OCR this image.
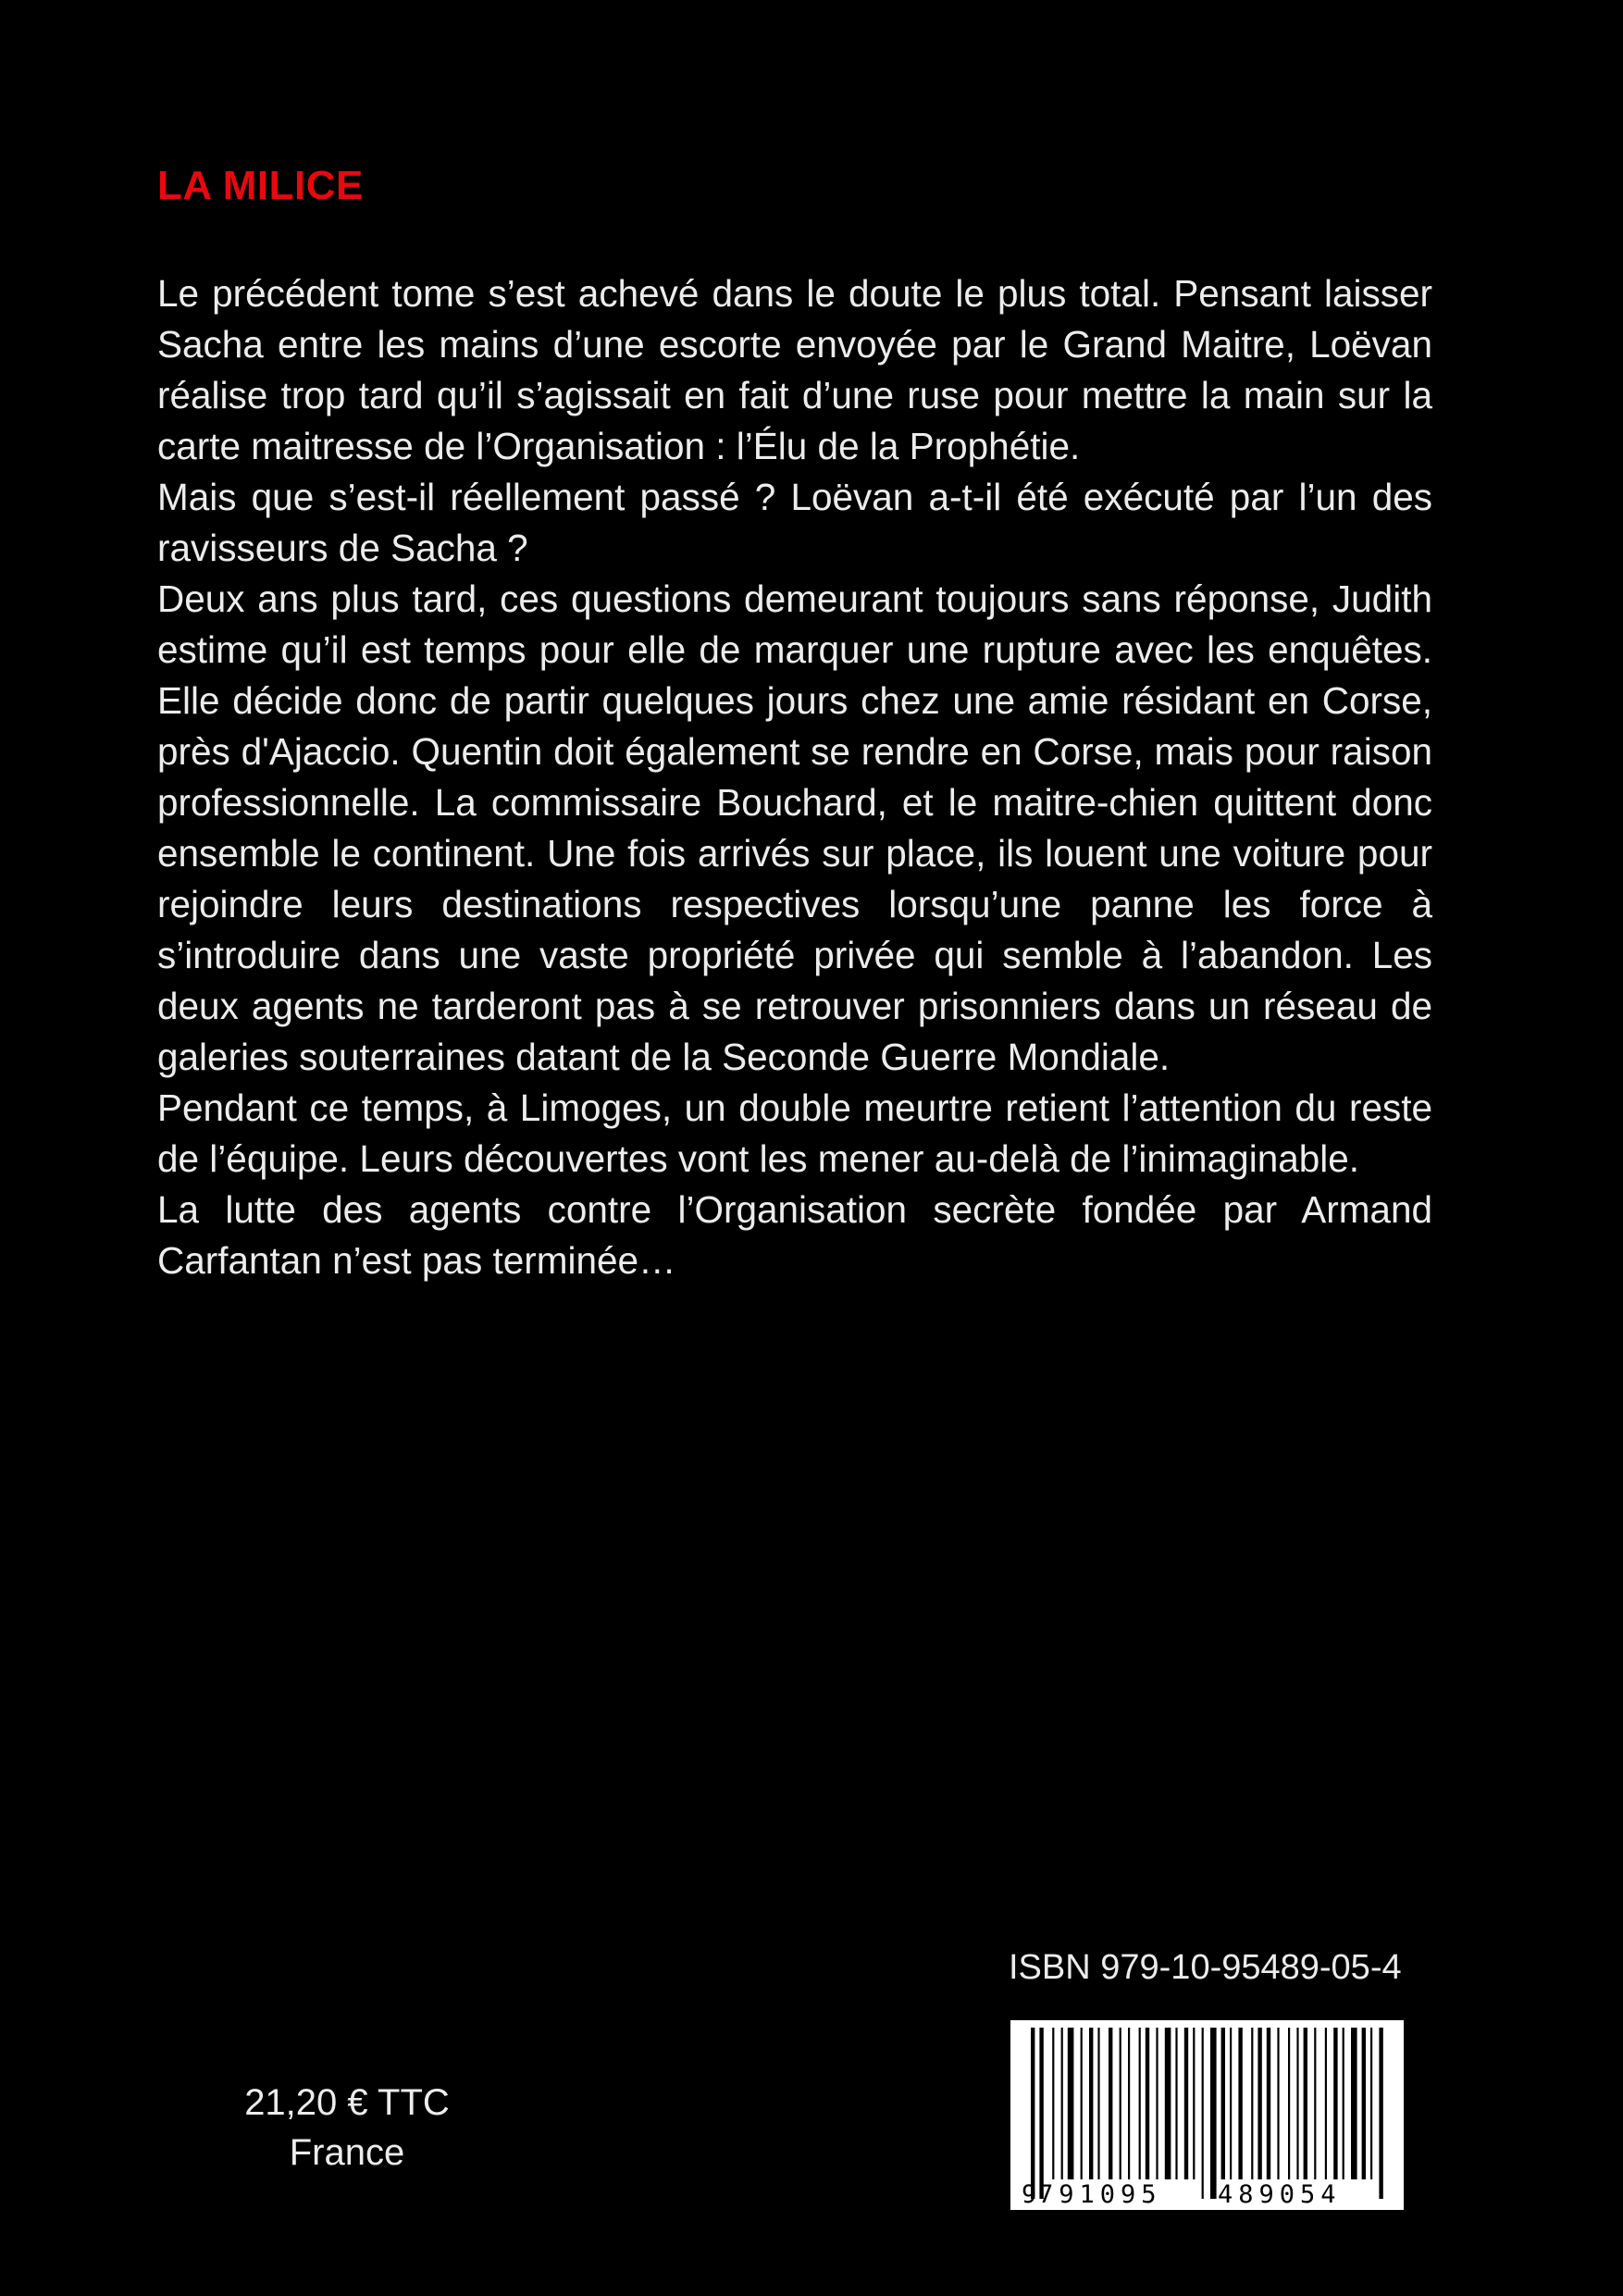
LA MILICE

Le précédent tome s’est achevé dans le doute le plus total. Pensant laisser Sacha entre les mains d’une escorte envoyée par le Grand Maitre, Loëvan réalise trop tard qu’il s’agissait en fait d’une ruse pour mettre la main sur la carte maitresse de l’Organisation : l’Élu de la Prophétie.

Mais que s’est-il réellement passé ? Loëvan a-t-il été exécuté par l’un des ravisseurs de Sacha ?

Deux ans plus tard, ces questions demeurant toujours sans réponse, Judith estime qu’il est temps pour elle de marquer une rupture avec les enquêtes. Elle décide donc de partir quelques jours chez une amie résidant en Corse, près d'Ajaccio. Quentin doit également se rendre en Corse, mais pour raison professionnelle. La commissaire Bouchard, et le maitre-chien quittent donc ensemble le continent. Une fois arrivés sur place, ils louent une voiture pour rejoindre leurs destinations respectives lorsqu’une panne les force à s’introduire dans une vaste propriété privée qui semble à l’abandon. Les deux agents ne tarderont pas à se retrouver prisonniers dans un réseau de galeries souterraines datant de la Seconde Guerre Mondiale.

Pendant ce temps, à Limoges, un double meurtre retient l’attention du reste de l’équipe. Leurs découvertes vont les mener au-delà de l’inimaginable.

La lutte des agents contre l’Organisation secrète fondée par Armand Carfantan n’est pas terminée…

ISBN 979-10-95489-05-4
9 791095 489054
21,20 € TTC
France
